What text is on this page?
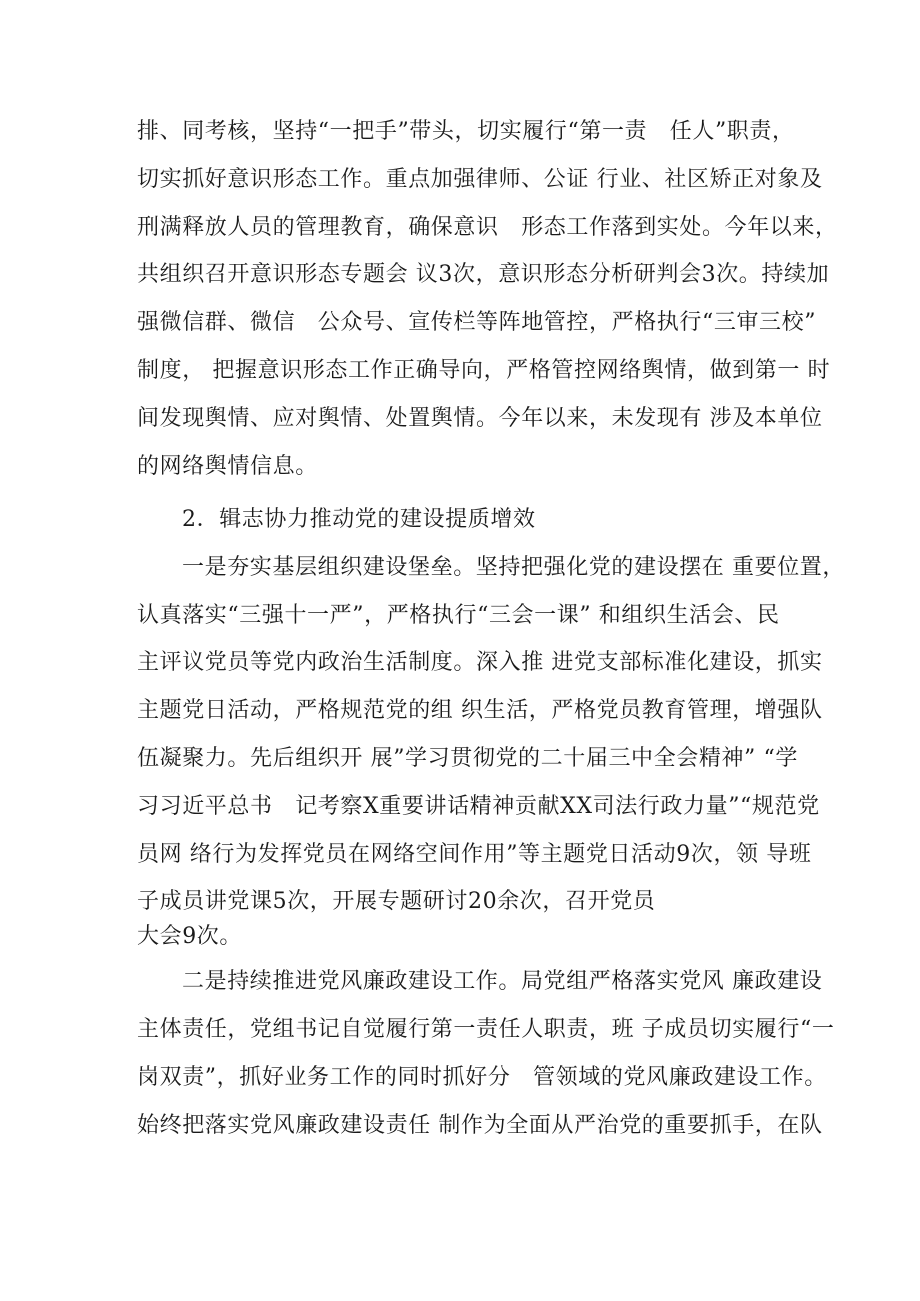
排、同考核，坚持“一把手”带头，切实履行“第一责　任人”职责，
切实抓好意识形态工作。重点加强律师、公证 行业、社区矫正对象及
刑满释放人员的管理教育，确保意识　形态工作落到实处。今年以来，
共组织召开意识形态专题会 议3次，意识形态分析研判会3次。持续加
强微信群、微信　公众号、宣传栏等阵地管控，严格执行“三审三校”
制度， 把握意识形态工作正确导向，严格管控网络舆情，做到第一 时
间发现舆情、应对舆情、处置舆情。今年以来，未发现有 涉及本单位
的网络舆情信息。
2．辑志协力推动党的建设提质增效
一是夯实基层组织建设堡垒。坚持把强化党的建设摆在 重要位置，
认真落实“三强十一严”，严格执行“三会一课” 和组织生活会、民
主评议党员等党内政治生活制度。深入推 进党支部标准化建设，抓实
主题党日活动，严格规范党的组 织生活，严格党员教育管理，增强队
伍凝聚力。先后组织开 展”学习贯彻党的二十届三中全会精神” “学
习习近平总书　记考察X重要讲话精神贡献XX司法行政力量”“规范党
员网 络行为发挥党员在网络空间作用”等主题党日活动9次，领 导班
子成员讲党课5次，开展专题研讨20余次，召开党员
大会9次。
二是持续推进党风廉政建设工作。局党组严格落实党风 廉政建设
主体责任，党组书记自觉履行第一责任人职责，班 子成员切实履行“一
岗双责”，抓好业务工作的同时抓好分　管领域的党风廉政建设工作。
始终把落实党风廉政建设责任 制作为全面从严治党的重要抓手，在队
